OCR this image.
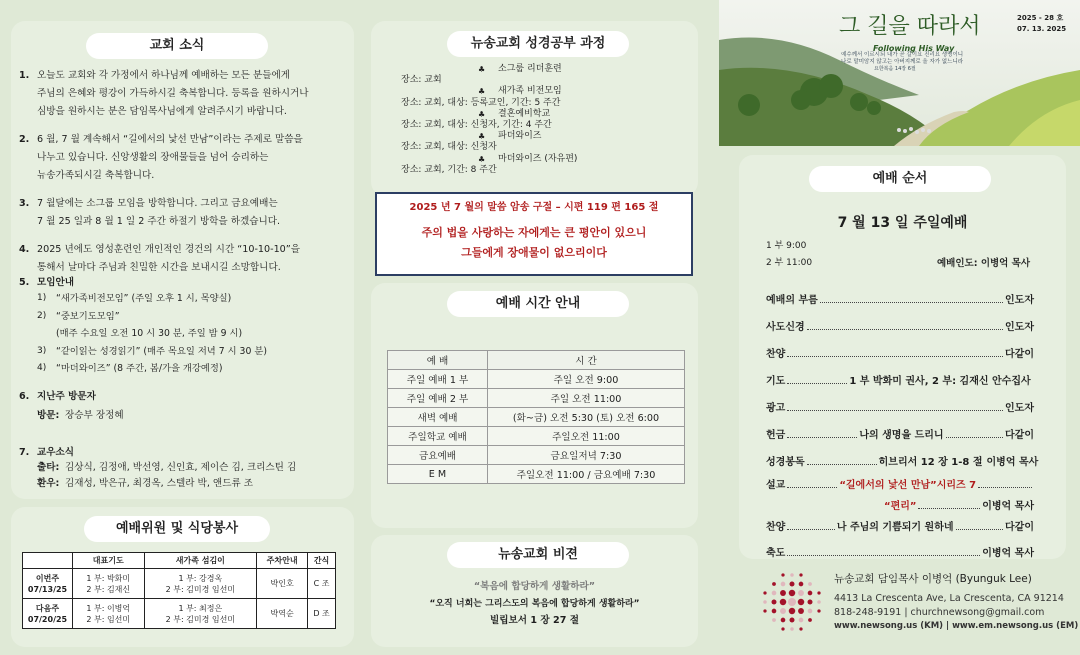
교회 소식
1. 오늘도 교회와 각 가정에서 하나님께 예배하는 모든 분들에게
주님의 은혜와 평강이 가득하시길 축복합니다. 등록을 원하시거나
심방을 원하시는 분은 담임목사님에게 알려주시기 바랍니다.
2. 6 월, 7 월 계속해서 “길에서의 낯선 만남”이라는 주제로 말씀을
나누고 있습니다. 신앙생활의 장애물들을 넘어 승리하는
뉴송가족되시길 축복합니다.
3. 7 월달에는 소그룹 모임을 방학합니다. 그리고 금요예배는
7 월 25 일과 8 월 1 일 2 주간 하절기 방학을 하겠습니다.
4. 2025 년에도 영성훈련인 개인적인 경건의 시간 “10-10-10”을
통해서 날마다 주님과 친밀한 시간을 보내시길 소망합니다.
5. 모임안내
1) “새가족비전모임” (주일 오후 1 시, 목양실)
2) “중보기도모임”
(매주 수요일 오전 10 시 30 분, 주일 밤 9 시)
3) “같이읽는 성경읽기” (매주 목요일 저녁 7 시 30 분)
4) “마더와이즈” (8 주간, 봄/가을 개강예정)
6. 지난주 방문자
방문: 장승부 장정혜
7. 교우소식
출타: 김상식, 김정애, 박선영, 신인효, 제이슨 김, 크리스틴 김
환우: 김재성, 박은규, 최경옥, 스텔라 박, 앤드류 조
예배위원 및 식당봉사
	대표기도	새가족 섬김이	주차안내	간식
이번주
07/13/25	1 부: 박화미
2 부: 김재신	1 부: 강경옥
2 부: 김미경 임선미	박인호	C 조
다음주
07/20/25	1 부: 이병억
2 부: 임선미	1 부: 최정은
2 부: 김미경 임선미	박역순	D 조
뉴송교회 성경공부 과정
♣ 소그룹 리더훈련
장소: 교회
♣ 새가족 비전모임
장소: 교회, 대상: 등록교인, 기간: 5 주간
♣ 결혼예비학교
장소: 교회, 대상: 신청자, 기간: 4 주간
♣ 파더와이즈
장소: 교회, 대상: 신청자
♣ 마더와이즈 (자유편)
장소: 교회, 기간: 8 주간
2025 년 7 월의 말씀 암송 구절 – 시편 119 편 165 절
주의 법을 사랑하는 자에게는 큰 평안이 있으니
그들에게 장애물이 없으리이다
예배 시간 안내
예 배	시 간
주일 예배 1 부	주일 오전 9:00
주일 예배 2 부	주일 오전 11:00
새벽 예배	(화~금) 오전 5:30 (토) 오전 6:00
주일학교 예배	주일오전 11:00
금요예배	금요일저녁 7:30
E M	주일오전 11:00 / 금요예배 7:30
뉴송교회 비젼
“복음에 합당하게 생활하라”
“오직 너희는 그리스도의 복음에 합당하게 생활하라”
빌립보서 1 장 27 절
그 길을 따라서
Following His Way
예수께서 이르시되 내가 곧 길이요 진리요 생명이니
나로 말미암지 않고는 아버지께로 올 자가 없느니라
요한복음 14장 6절
2025 - 28 호
07. 13. 2025
예배 순서
7 월 13 일 주일예배
1 부 9:00
2 부 11:00	예배인도: 이병억 목사
예배의 부름	인도자
사도신경	인도자
찬양	다같이
기도	1 부 박화미 권사, 2 부: 김재신 안수집사
광고	인도자
헌금	나의 생명을 드리니	다같이
성경봉독	히브리서 12 장 1-8 절 이병억 목사
설교	“길에서의 낯선 만남”시리즈 7
“편리”	이병억 목사
찬양	나 주님의 기쁨되기 원하네	다같이
축도	이병억 목사
뉴송교회 담임목사 이병억 (Byunguk Lee)
4413 La Crescenta Ave, La Crescenta, CA 91214
818-248-9191 | churchnewsong@gmail.com
www.newsong.us (KM) | www.em.newsong.us (EM)
